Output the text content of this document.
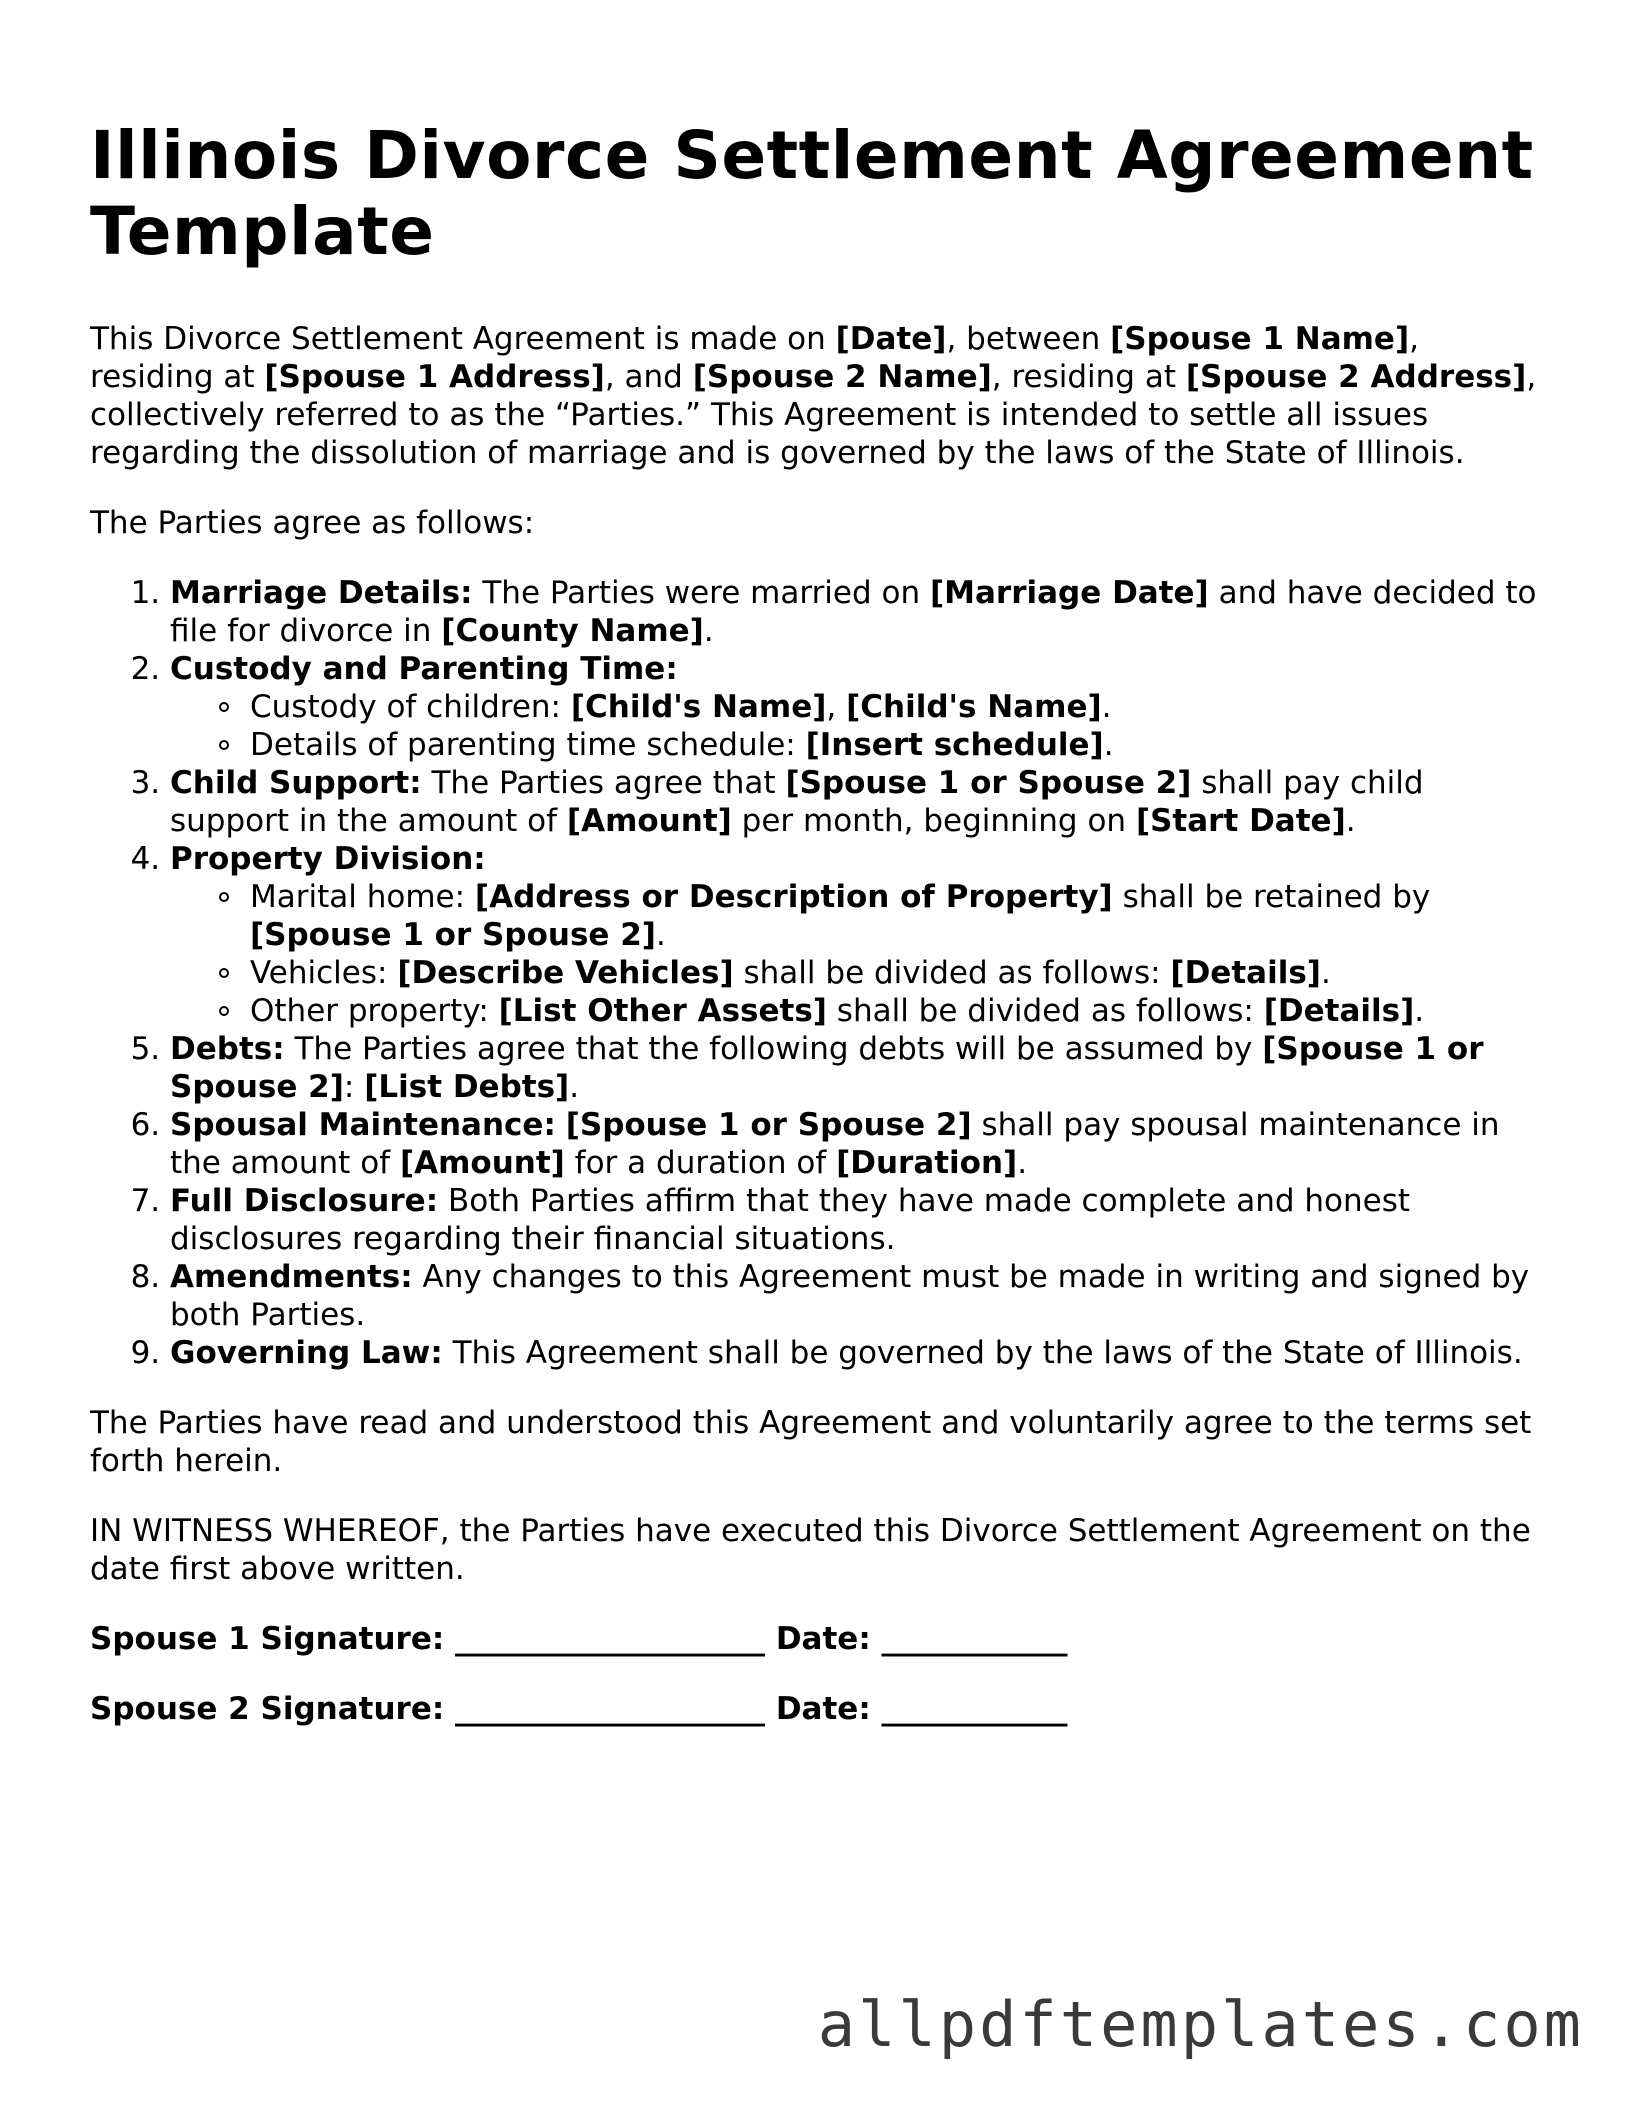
Illinois Divorce Settlement Agreement Template

This Divorce Settlement Agreement is made on [Date], between [Spouse 1 Name], residing at [Spouse 1 Address], and [Spouse 2 Name], residing at [Spouse 2 Address], collectively referred to as the “Parties.” This Agreement is intended to settle all issues regarding the dissolution of marriage and is governed by the laws of the State of Illinois.

The Parties agree as follows:

1. Marriage Details: The Parties were married on [Marriage Date] and have decided to file for divorce in [County Name].
2. Custody and Parenting Time:
Custody of children: [Child's Name], [Child's Name].
Details of parenting time schedule: [Insert schedule].
3. Child Support: The Parties agree that [Spouse 1 or Spouse 2] shall pay child support in the amount of [Amount] per month, beginning on [Start Date].
4. Property Division:
Marital home: [Address or Description of Property] shall be retained by [Spouse 1 or Spouse 2].
Vehicles: [Describe Vehicles] shall be divided as follows: [Details].
Other property: [List Other Assets] shall be divided as follows: [Details].
5. Debts: The Parties agree that the following debts will be assumed by [Spouse 1 or Spouse 2]: [List Debts].
6. Spousal Maintenance: [Spouse 1 or Spouse 2] shall pay spousal maintenance in the amount of [Amount] for a duration of [Duration].
7. Full Disclosure: Both Parties affirm that they have made complete and honest disclosures regarding their financial situations.
8. Amendments: Any changes to this Agreement must be made in writing and signed by both Parties.
9. Governing Law: This Agreement shall be governed by the laws of the State of Illinois.

The Parties have read and understood this Agreement and voluntarily agree to the terms set forth herein.

IN WITNESS WHEREOF, the Parties have executed this Divorce Settlement Agreement on the date first above written.

Spouse 1 Signature: ____________________ Date: ____________
Spouse 2 Signature: ____________________ Date: ____________
allpdftemplates.com
